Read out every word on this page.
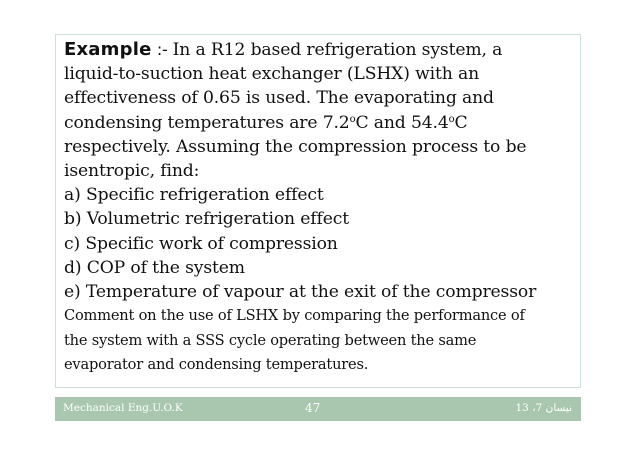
Example :- In a R12 based refrigeration system, a
liquid-to-suction heat exchanger (LSHX) with an
effectiveness of 0.65 is used. The evaporating and
condensing temperatures are 7.2$^o$C and 54.4$^o$C
respectively. Assuming the compression process to be
isentropic, find:
a) Specific refrigeration effect
b) Volumetric refrigeration effect
c) Specific work of compression
d) COP of the system
e) Temperature of vapour at the exit of the compressor
Comment on the use of LSHX by comparing the performance of
the system with a SSS cycle operating between the same
evaporator and condensing temperatures.
Mechanical Eng.U.O.K	47	نيسان 7، 13
